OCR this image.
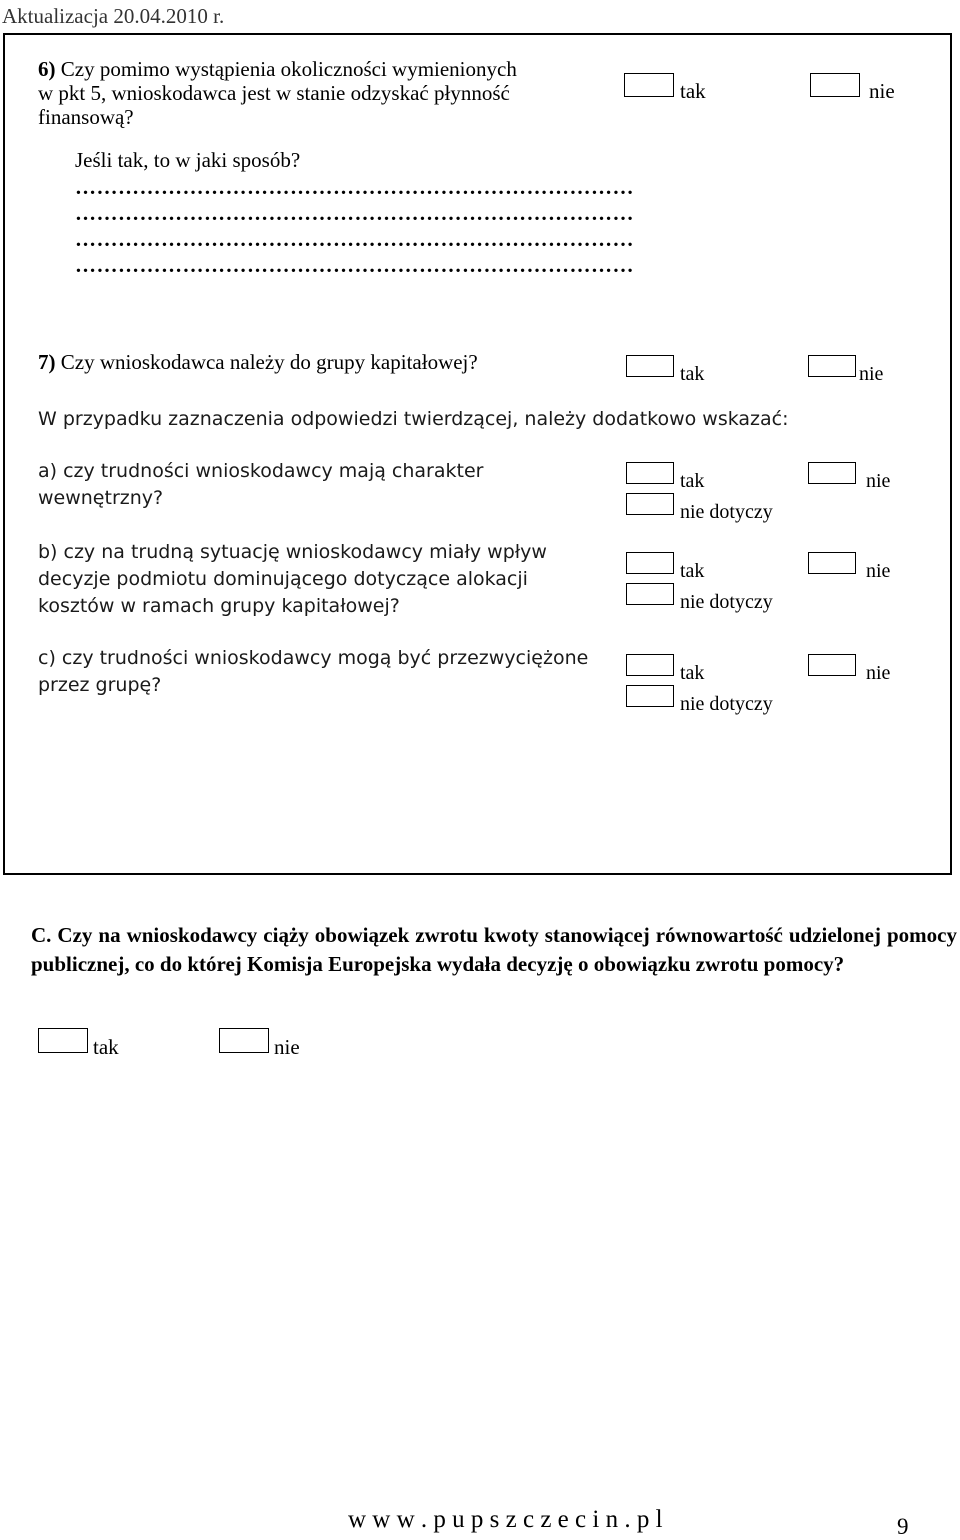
Aktualizacja 20.04.2010 r.
6) Czy pomimo wystąpienia okoliczności wymienionych
w pkt 5, wnioskodawca jest w stanie odzyskać płynność
finansową?
tak	nie
Jeśli tak, to w jaki sposób?
……………………………………………………………………
……………………………………………………………………
……………………………………………………………………
……………………………………………………………………
7) Czy wnioskodawca należy do grupy kapitałowej?	tak	nie
W przypadku zaznaczenia odpowiedzi twierdzącej, należy dodatkowo wskazać:
a) czy trudności wnioskodawcy mają charakter
wewnętrzny?
tak
nie dotyczy
nie
b) czy na trudną sytuację wnioskodawcy miały wpływ
decyzje podmiotu dominującego dotyczące alokacji
kosztów w ramach grupy kapitałowej?
tak
nie dotyczy
nie
c) czy trudności wnioskodawcy mogą być przezwyciężone
przez grupę?
tak
nie dotyczy
nie
C. Czy na wnioskodawcy ciąży obowiązek zwrotu kwoty stanowiącej równowartość udzielonej pomocy publicznej, co do której Komisja Europejska wydała decyzję o obowiązku zwrotu pomocy?
tak	nie
w w w . p u p s z c z e c i n . p l	9
